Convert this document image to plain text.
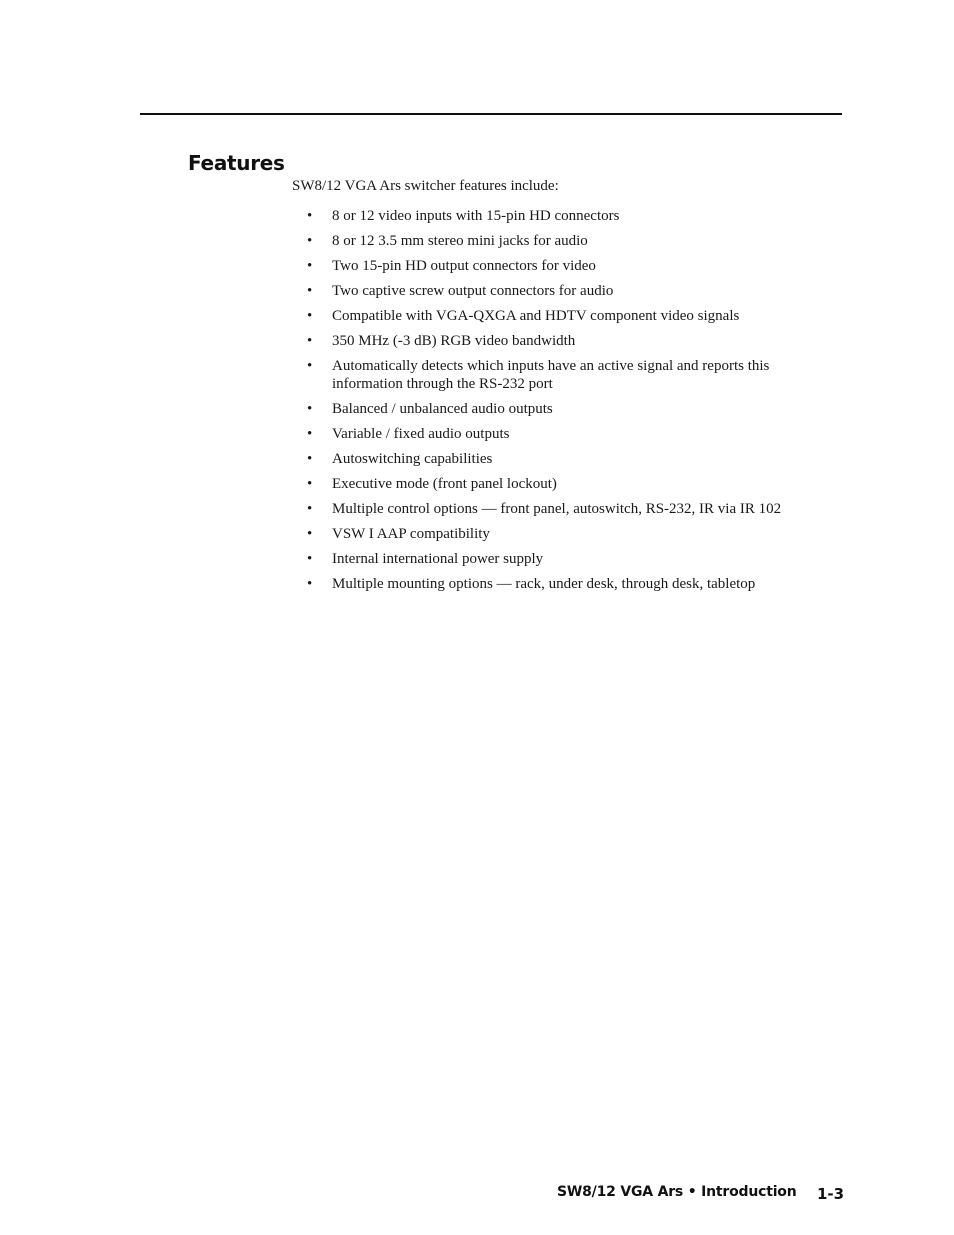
Features

SW8/12 VGA Ars switcher features include:

• 8 or 12 video inputs with 15-pin HD connectors
• 8 or 12 3.5 mm stereo mini jacks for audio
• Two 15-pin HD output connectors for video
• Two captive screw output connectors for audio
• Compatible with VGA-QXGA and HDTV component video signals
• 350 MHz (-3 dB) RGB video bandwidth
• Automatically detects which inputs have an active signal and reports this information through the RS-232 port
• Balanced / unbalanced audio outputs
• Variable / fixed audio outputs
• Autoswitching capabilities
• Executive mode (front panel lockout)
• Multiple control options — front panel, autoswitch, RS-232, IR via IR 102
• VSW I AAP compatibility
• Internal international power supply
• Multiple mounting options — rack, under desk, through desk, tabletop
SW8/12 VGA Ars • Introduction 1-3
